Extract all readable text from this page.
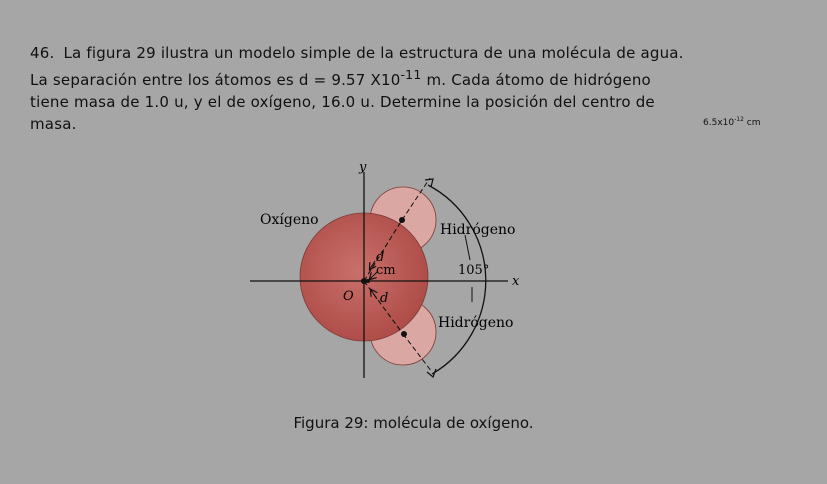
46. La figura 29 ilustra un modelo simple de la estructura de una molécula de agua.

La separación entre los átomos es d = 9.57 $X10^{-11}$ m. Cada átomo de hidrógeno

tiene masa de 1.0 u, y el de oxígeno, 16.0 u. Determine la posición del centro de

masa.	$6.5x10^{-12}$ cm
y
x
Oxígeno
Hidrógeno
Hidrógeno
d
d
cm
O
105°
Figura 29: molécula de oxígeno.
